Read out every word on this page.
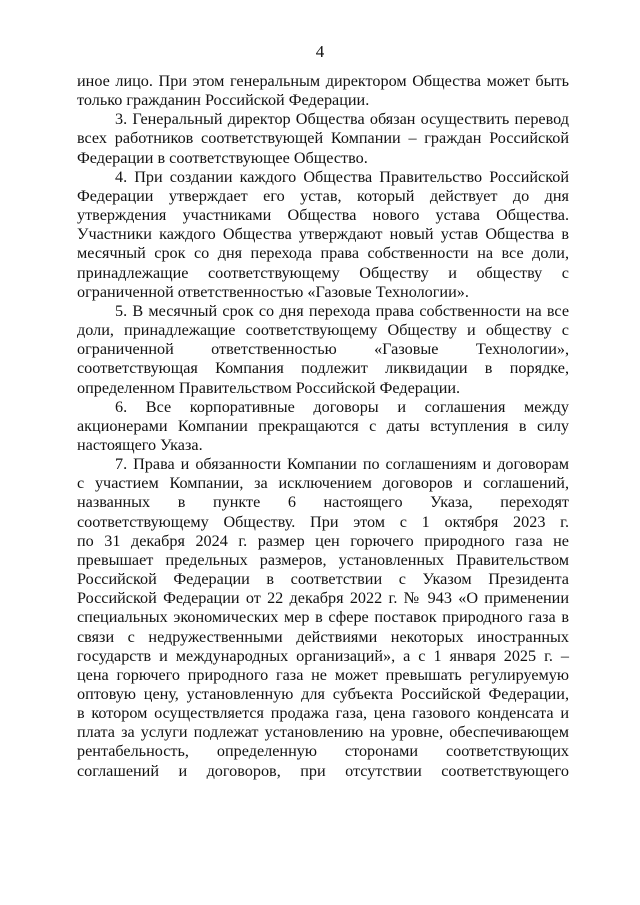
4
иное лицо. При этом генеральным директором Общества может быть
только гражданин Российской Федерации.
3. Генеральный директор Общества обязан осуществить перевод
всех работников соответствующей Компании – граждан Российской
Федерации в соответствующее Общество.
4. При создании каждого Общества Правительство Российской
Федерации утверждает его устав, который действует до дня
утверждения участниками Общества нового устава Общества.
Участники каждого Общества утверждают новый устав Общества в
месячный срок со дня перехода права собственности на все доли,
принадлежащие соответствующему Обществу и обществу с
ограниченной ответственностью «Газовые Технологии».
5. В месячный срок со дня перехода права собственности на все
доли, принадлежащие соответствующему Обществу и обществу с
ограниченной ответственностью «Газовые Технологии»,
соответствующая Компания подлежит ликвидации в порядке,
определенном Правительством Российской Федерации.
6. Все корпоративные договоры и соглашения между
акционерами Компании прекращаются с даты вступления в силу
настоящего Указа.
7. Права и обязанности Компании по соглашениям и договорам
с участием Компании, за исключением договоров и соглашений,
названных в пункте 6 настоящего Указа, переходят
соответствующему Обществу. При этом с 1 октября 2023 г.
по 31 декабря 2024 г. размер цен горючего природного газа не
превышает предельных размеров, установленных Правительством
Российской Федерации в соответствии с Указом Президента
Российской Федерации от 22 декабря 2022 г. № 943 «О применении
специальных экономических мер в сфере поставок природного газа в
связи с недружественными действиями некоторых иностранных
государств и международных организаций», а с 1 января 2025 г. –
цена горючего природного газа не может превышать регулируемую
оптовую цену, установленную для субъекта Российской Федерации,
в котором осуществляется продажа газа, цена газового конденсата и
плата за услуги подлежат установлению на уровне, обеспечивающем
рентабельность, определенную сторонами соответствующих
соглашений и договоров, при отсутствии соответствующего
